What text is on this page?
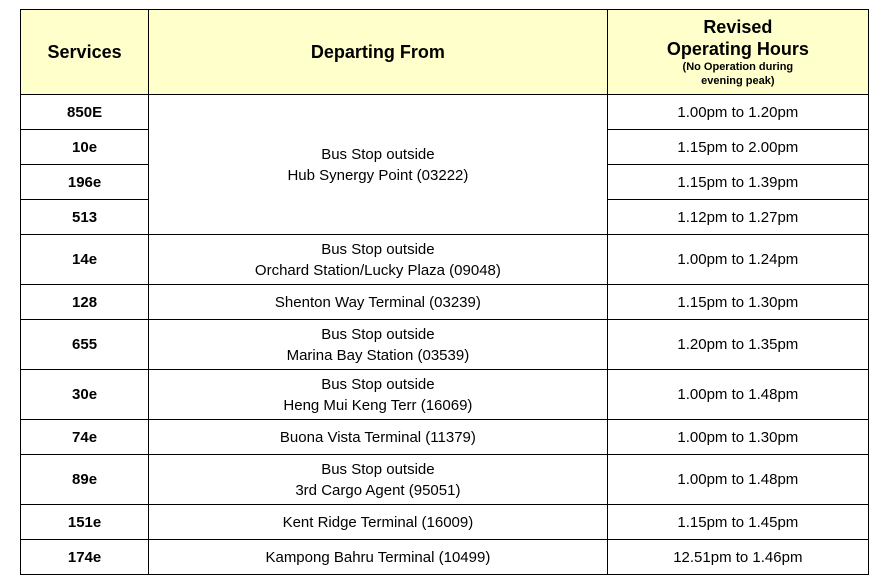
Services	Departing From	Revised
Operating Hours
(No Operation during
evening peak)

850E	Bus Stop outside
Hub Synergy Point (03222)	1.00pm to 1.20pm
10e		1.15pm to 2.00pm
196e		1.15pm to 1.39pm
513		1.12pm to 1.27pm
14e	Bus Stop outside
Orchard Station/Lucky Plaza (09048)	1.00pm to 1.24pm
128	Shenton Way Terminal (03239)	1.15pm to 1.30pm
655	Bus Stop outside
Marina Bay Station (03539)	1.20pm to 1.35pm
30e	Bus Stop outside
Heng Mui Keng Terr (16069)	1.00pm to 1.48pm
74e	Buona Vista Terminal (11379)	1.00pm to 1.30pm
89e	Bus Stop outside
3rd Cargo Agent (95051)	1.00pm to 1.48pm
151e	Kent Ridge Terminal (16009)	1.15pm to 1.45pm
174e	Kampong Bahru Terminal (10499)	12.51pm to 1.46pm
